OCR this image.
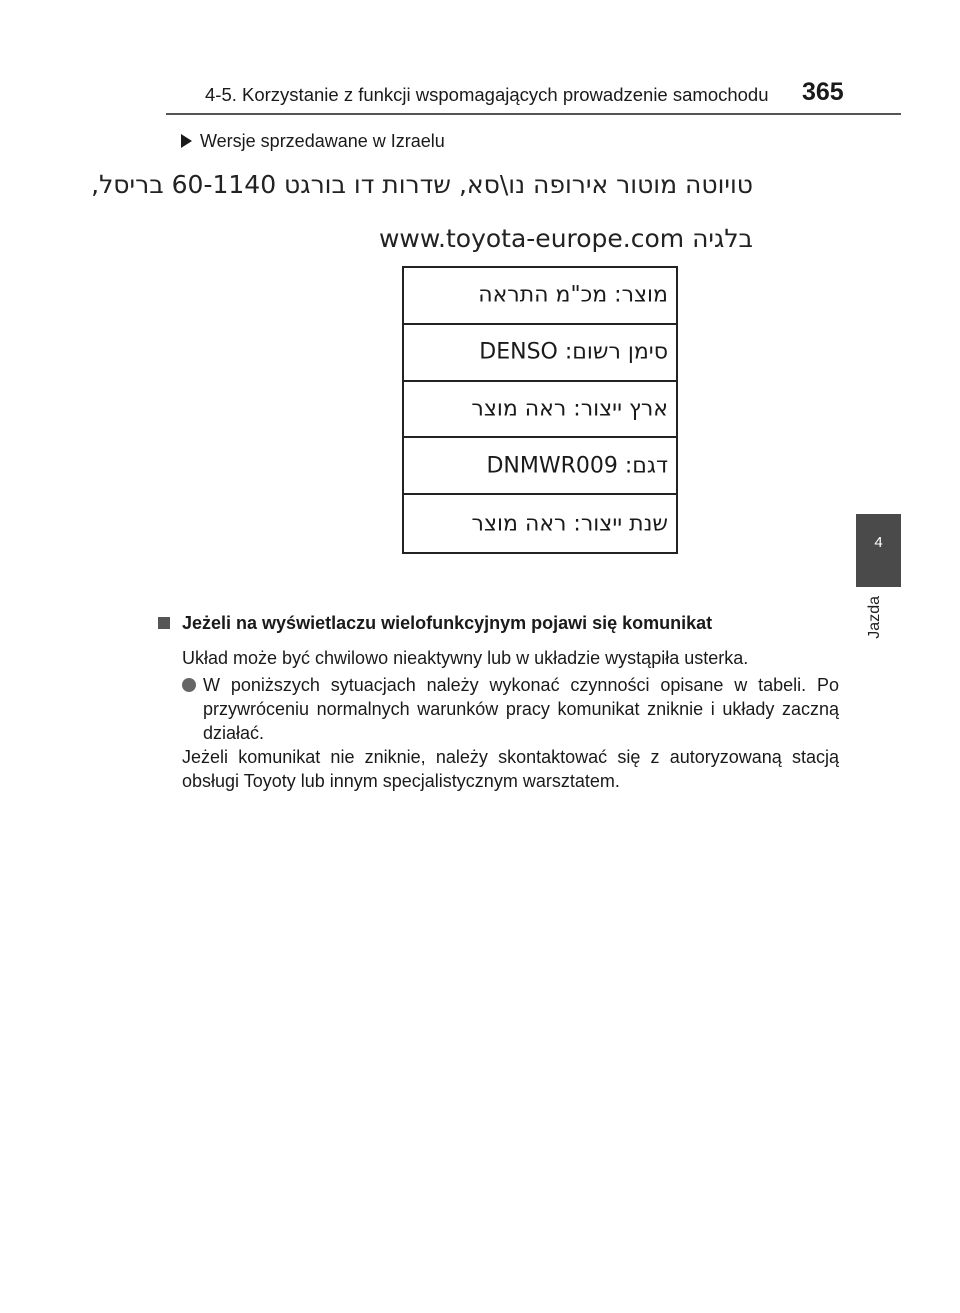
4-5. Korzystanie z funkcji wspomagających prowadzenie samochodu 365
4
Jazda
Wersje sprzedawane w Izraelu
טויוטה מוטור אירופה נו\סא, שדרות דו בורגט 60-1140 בריסל,
בלגיה www.toyota-europe.com
מוצר: מכ"מ התראה
סימן רשום: DENSO
ארץ ייצור: ראה מוצר
דגם: DNMWR009
שנת ייצור: ראה מוצר
Jeżeli na wyświetlaczu wielofunkcyjnym pojawi się komunikat
Układ może być chwilowo nieaktywny lub w układzie wystąpiła usterka.
W poniższych sytuacjach należy wykonać czynności opisane w tabeli. Po przywróceniu normalnych warunków pracy komunikat zniknie i układy zaczną działać.
Jeżeli komunikat nie zniknie, należy skontaktować się z autoryzowaną stacją obsługi Toyoty lub innym specjalistycznym warsztatem.
